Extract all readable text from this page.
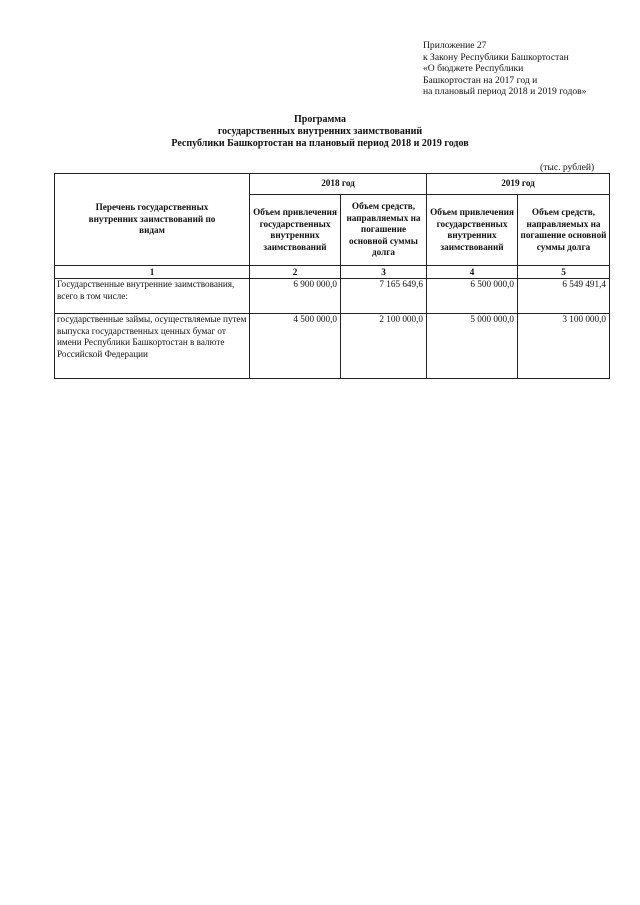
Приложение 27
к Закону Республики Башкортостан
«О бюджете Республики
Башкортостан на 2017 год и
на плановый период 2018 и 2019 годов»
Программа
государственных внутренних заимствований
Республики Башкортостан на плановый период 2018 и 2019 годов
(тыс. рублей)
Перечень государственных внутренних заимствований по видам	2018 год		2019 год	
	Объем привлечения государственных внутренних заимствований	Объем средств, направляемых на погашение основной суммы долга	Объем привлечения государственных внутренних заимствований	Объем средств, направляемых на погашение основной суммы долга
1	2	3	4	5
Государственные внутренние заимствования, всего в том числе:	6 900 000,0	7 165 649,6	6 500 000,0	6 549 491,4
государственные займы, осуществляемые путем выпуска государственных ценных бумаг от имени Республики Башкортостан в валюте Российской Федерации	4 500 000,0	2 100 000,0	5 000 000,0	3 100 000,0
